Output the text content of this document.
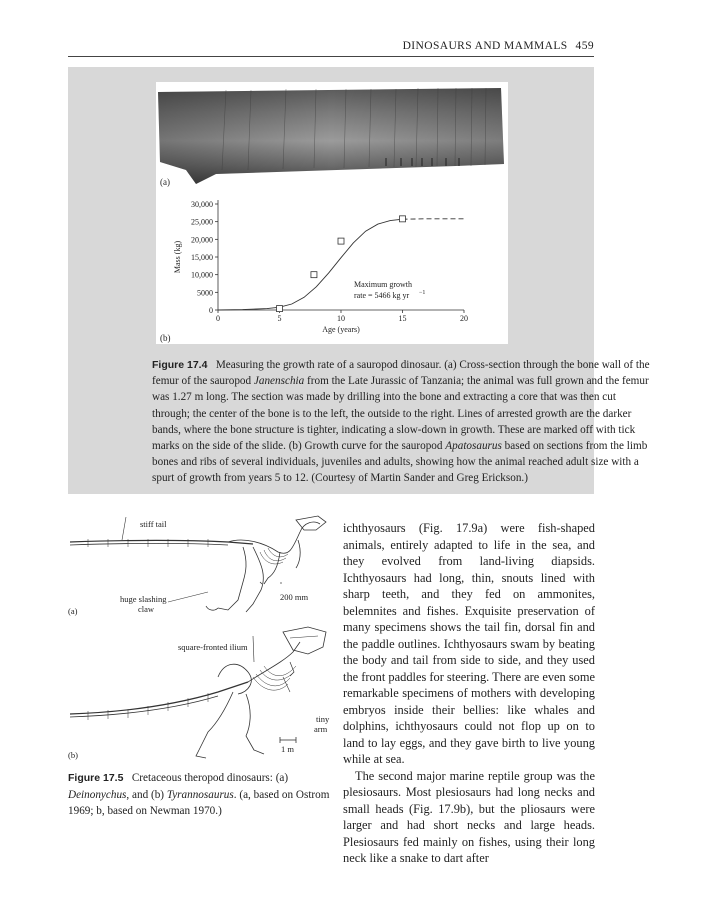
DINOSAURS AND MAMMALS 459
(a)
0
5000
10,000
15,000
20,000
25,000
30,000
0	5	10	15	20
Age (years)
Mass (kg)
Maximum growth
rate = 5466 kg yr −1
(b)
Figure 17.4 Measuring the growth rate of a sauropod dinosaur. (a) Cross-section through the bone wall of the femur of the sauropod Janenschia from the Late Jurassic of Tanzania; the animal was full grown and the femur was 1.27 m long. The section was made by drilling into the bone and extracting a core that was then cut through; the center of the bone is to the left, the outside to the right. Lines of arrested growth are the darker bands, where the bone structure is tighter, indicating a slow-down in growth. These are marked off with tick marks on the side of the slide. (b) Growth curve for the sauropod Apatosaurus based on sections from the limb bones and ribs of several individuals, juveniles and adults, showing how the animal reached adult size with a spurt of growth from years 5 to 12. (Courtesy of Martin Sander and Greg Erickson.)
stiff tail
huge slashing
claw
200 mm
square-fronted ilium
tiny
arm
1 m
(a)
(b)
Figure 17.5 Cretaceous theropod dinosaurs: (a) Deinonychus, and (b) Tyrannosaurus. (a, based on Ostrom 1969; b, based on Newman 1970.)

ichthyosaurs (Fig. 17.9a) were fish-shaped animals, entirely adapted to life in the sea, and they evolved from land-living diapsids. Ichthyosaurs had long, thin, snouts lined with sharp teeth, and they fed on ammonites, belemnites and fishes. Exquisite preservation of many specimens shows the tail fin, dorsal fin and the paddle outlines. Ichthyosaurs swam by beating the body and tail from side to side, and they used the front paddles for steering. There are even some remarkable specimens of mothers with developing embryos inside their bellies: like whales and dolphins, ichthyosaurs could not flop up on to land to lay eggs, and they gave birth to live young while at sea.

The second major marine reptile group was the plesiosaurs. Most plesiosaurs had long necks and small heads (Fig. 17.9b), but the pliosaurs were larger and had short necks and large heads. Plesiosaurs fed mainly on fishes, using their long neck like a snake to dart after
